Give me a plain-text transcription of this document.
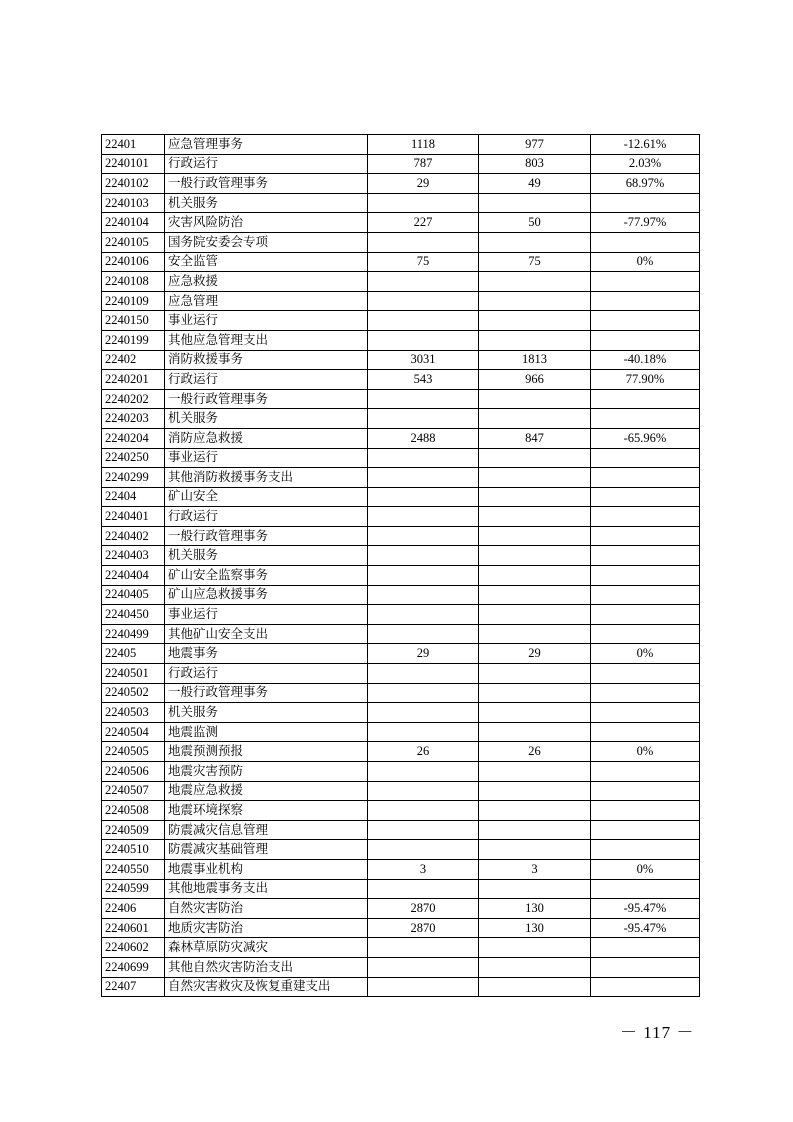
22401	应急管理事务	1118	977	-12.61%
2240101	行政运行	787	803	2.03%
2240102	一般行政管理事务	29	49	68.97%
2240103	机关服务			
2240104	灾害风险防治	227	50	-77.97%
2240105	国务院安委会专项			
2240106	安全监管	75	75	0%
2240108	应急救援			
2240109	应急管理			
2240150	事业运行			
2240199	其他应急管理支出			
22402	消防救援事务	3031	1813	-40.18%
2240201	行政运行	543	966	77.90%
2240202	一般行政管理事务			
2240203	机关服务			
2240204	消防应急救援	2488	847	-65.96%
2240250	事业运行			
2240299	其他消防救援事务支出			
22404	矿山安全			
2240401	行政运行			
2240402	一般行政管理事务			
2240403	机关服务			
2240404	矿山安全监察事务			
2240405	矿山应急救援事务			
2240450	事业运行			
2240499	其他矿山安全支出			
22405	地震事务	29	29	0%
2240501	行政运行			
2240502	一般行政管理事务			
2240503	机关服务			
2240504	地震监测			
2240505	地震预测预报	26	26	0%
2240506	地震灾害预防			
2240507	地震应急救援			
2240508	地震环境探察			
2240509	防震减灾信息管理			
2240510	防震减灾基础管理			
2240550	地震事业机构	3	3	0%
2240599	其他地震事务支出			
22406	自然灾害防治	2870	130	-95.47%
2240601	地质灾害防治	2870	130	-95.47%
2240602	森林草原防灾减灾			
2240699	其他自然灾害防治支出			
22407	自然灾害救灾及恢复重建支出			
－ 117 －
